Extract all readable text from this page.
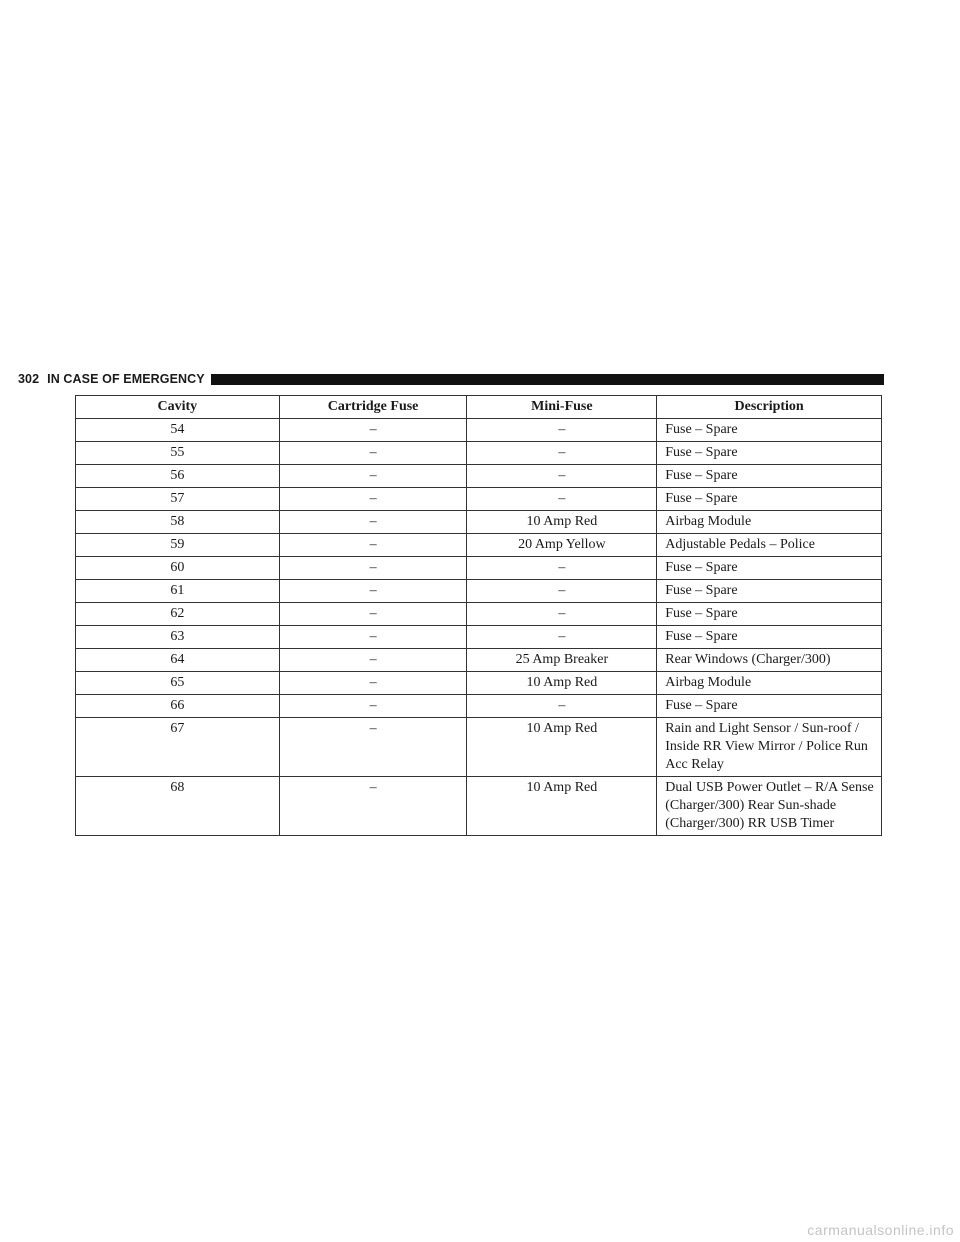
302 IN CASE OF EMERGENCY
Cavity	Cartridge Fuse	Mini-Fuse	Description
54	–	–	Fuse – Spare
55	–	–	Fuse – Spare
56	–	–	Fuse – Spare
57	–	–	Fuse – Spare
58	–	10 Amp Red	Airbag Module
59	–	20 Amp Yellow	Adjustable Pedals – Police
60	–	–	Fuse – Spare
61	–	–	Fuse – Spare
62	–	–	Fuse – Spare
63	–	–	Fuse – Spare
64	–	25 Amp Breaker	Rear Windows (Charger/300)
65	–	10 Amp Red	Airbag Module
66	–	–	Fuse – Spare
67	–	10 Amp Red	Rain and Light Sensor / Sun-roof / Inside RR View Mirror / Police Run Acc Relay
68	–	10 Amp Red	Dual USB Power Outlet – R/A Sense (Charger/300) Rear Sun-shade (Charger/300) RR USB Timer
carmanualsonline.info
